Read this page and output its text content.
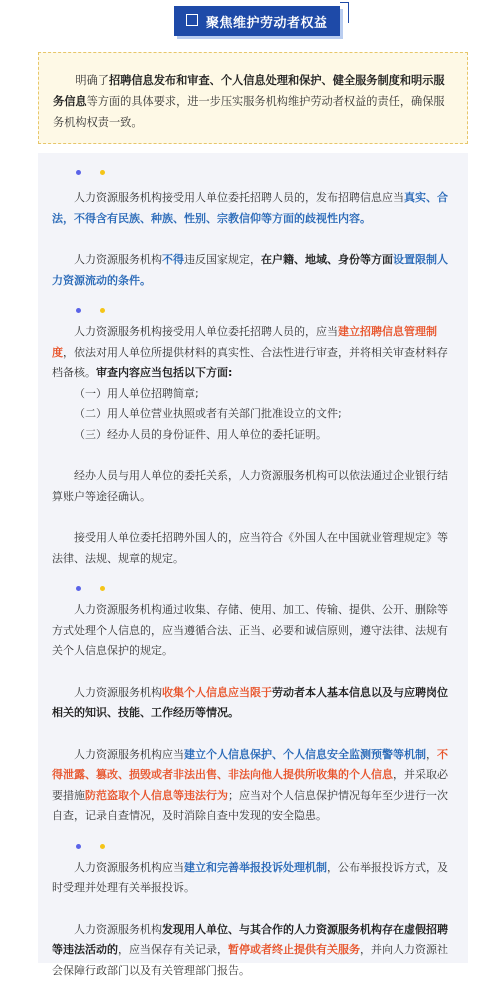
聚焦维护劳动者权益
明确了招聘信息发布和审查、个人信息处理和保护、健全服务制度和明示服务信息等方面的具体要求，进一步压实服务机构维护劳动者权益的责任，确保服务机构权责一致。

人力资源服务机构接受用人单位委托招聘人员的，发布招聘信息应当真实、合法，不得含有民族、种族、性别、宗教信仰等方面的歧视性内容。

人力资源服务机构不得违反国家规定，在户籍、地域、身份等方面设置限制人力资源流动的条件。

人力资源服务机构接受用人单位委托招聘人员的，应当建立招聘信息管理制度，依法对用人单位所提供材料的真实性、合法性进行审查，并将相关审查材料存档备核。审查内容应当包括以下方面:

（一）用人单位招聘简章;
（二）用人单位营业执照或者有关部门批准设立的文件;
（三）经办人员的身份证件、用人单位的委托证明。

经办人员与用人单位的委托关系，人力资源服务机构可以依法通过企业银行结算账户等途径确认。

接受用人单位委托招聘外国人的，应当符合《外国人在中国就业管理规定》等法律、法规、规章的规定。

人力资源服务机构通过收集、存储、使用、加工、传输、提供、公开、删除等方式处理个人信息的，应当遵循合法、正当、必要和诚信原则，遵守法律、法规有关个人信息保护的规定。

人力资源服务机构收集个人信息应当限于劳动者本人基本信息以及与应聘岗位相关的知识、技能、工作经历等情况。

人力资源服务机构应当建立个人信息保护、个人信息安全监测预警等机制，不得泄露、篡改、损毁或者非法出售、非法向他人提供所收集的个人信息，并采取必要措施防范盗取个人信息等违法行为；应当对个人信息保护情况每年至少进行一次自查，记录自查情况，及时消除自查中发现的安全隐患。

人力资源服务机构应当建立和完善举报投诉处理机制，公布举报投诉方式，及时受理并处理有关举报投诉。

人力资源服务机构发现用人单位、与其合作的人力资源服务机构存在虚假招聘等违法活动的，应当保存有关记录，暂停或者终止提供有关服务，并向人力资源社会保障行政部门以及有关管理部门报告。
